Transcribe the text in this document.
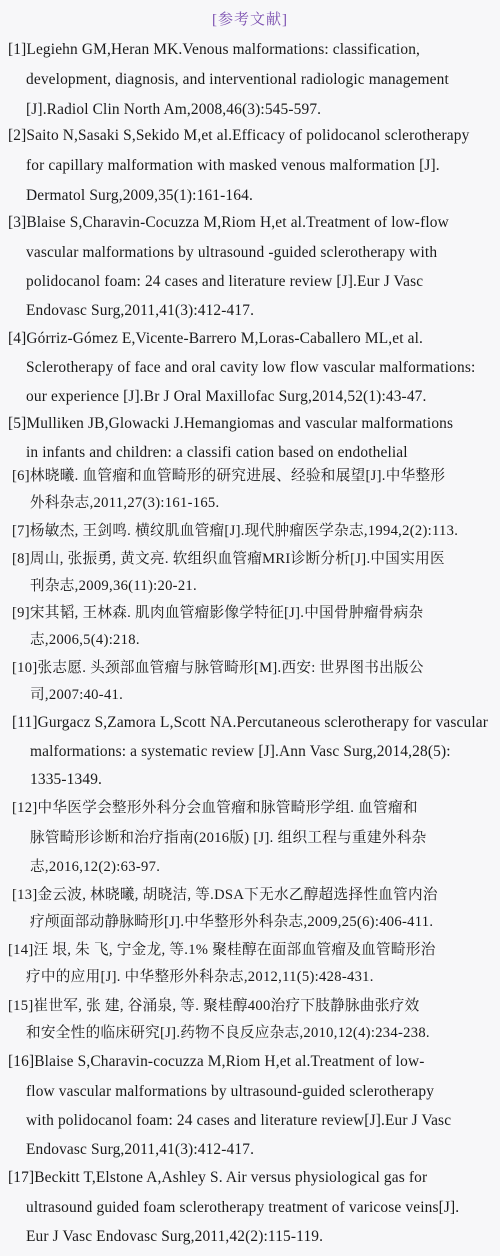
[参考文献]
[1]Legiehn GM,Heran MK.Venous malformations: classification,
development, diagnosis, and interventional radiologic management
[J].Radiol Clin North Am,2008,46(3):545-597.
[2]Saito N,Sasaki S,Sekido M,et al.Efficacy of polidocanol sclerotherapy
for capillary malformation with masked venous malformation [J].
Dermatol Surg,2009,35(1):161-164.
[3]Blaise S,Charavin-Cocuzza M,Riom H,et al.Treatment of low-flow
vascular malformations by ultrasound -guided sclerotherapy with
polidocanol foam: 24 cases and literature review [J].Eur J Vasc
Endovasc Surg,2011,41(3):412-417.
[4]Górriz-Gómez E,Vicente-Barrero M,Loras-Caballero ML,et al.
Sclerotherapy of face and oral cavity low flow vascular malformations:
our experience [J].Br J Oral Maxillofac Surg,2014,52(1):43-47.
[5]Mulliken JB,Glowacki J.Hemangiomas and vascular malformations
in infants and children: a classifi cation based on endothelial
[6]林晓曦. 血管瘤和血管畸形的研究进展、经验和展望[J].中华整形
外科杂志,2011,27(3):161-165.
[7]杨敏杰, 王剑鸣. 横纹肌血管瘤[J].现代肿瘤医学杂志,1994,2(2):113.
[8]周山, 张振勇, 黄文亮. 软组织血管瘤MRI诊断分析[J].中国实用医
刊杂志,2009,36(11):20-21.
[9]宋其韬, 王林森. 肌肉血管瘤影像学特征[J].中国骨肿瘤骨病杂
志,2006,5(4):218.
[10]张志愿. 头颈部血管瘤与脉管畸形[M].西安: 世界图书出版公
司,2007:40-41.
[11]Gurgacz S,Zamora L,Scott NA.Percutaneous sclerotherapy for vascular
malformations: a systematic review [J].Ann Vasc Surg,2014,28(5):
1335-1349.
[12]中华医学会整形外科分会血管瘤和脉管畸形学组. 血管瘤和
脉管畸形诊断和治疗指南(2016版) [J]. 组织工程与重建外科杂
志,2016,12(2):63-97.
[13]金云波, 林晓曦, 胡晓洁, 等.DSA下无水乙醇超选择性血管内治
疗颅面部动静脉畸形[J].中华整形外科杂志,2009,25(6):406-411.
[14]汪 垠, 朱 飞, 宁金龙, 等.1% 聚桂醇在面部血管瘤及血管畸形治
疗中的应用[J]. 中华整形外科杂志,2012,11(5):428-431.
[15]崔世军, 张 建, 谷涌泉, 等. 聚桂醇400治疗下肢静脉曲张疗效
和安全性的临床研究[J].药物不良反应杂志,2010,12(4):234-238.
[16]Blaise S,Charavin-cocuzza M,Riom H,et al.Treatment of low-
flow vascular malformations by ultrasound-guided sclerotherapy
with polidocanol foam: 24 cases and literature review[J].Eur J Vasc
Endovasc Surg,2011,41(3):412-417.
[17]Beckitt T,Elstone A,Ashley S. Air versus physiological gas for
ultrasound guided foam sclerotherapy treatment of varicose veins[J].
Eur J Vasc Endovasc Surg,2011,42(2):115-119.
